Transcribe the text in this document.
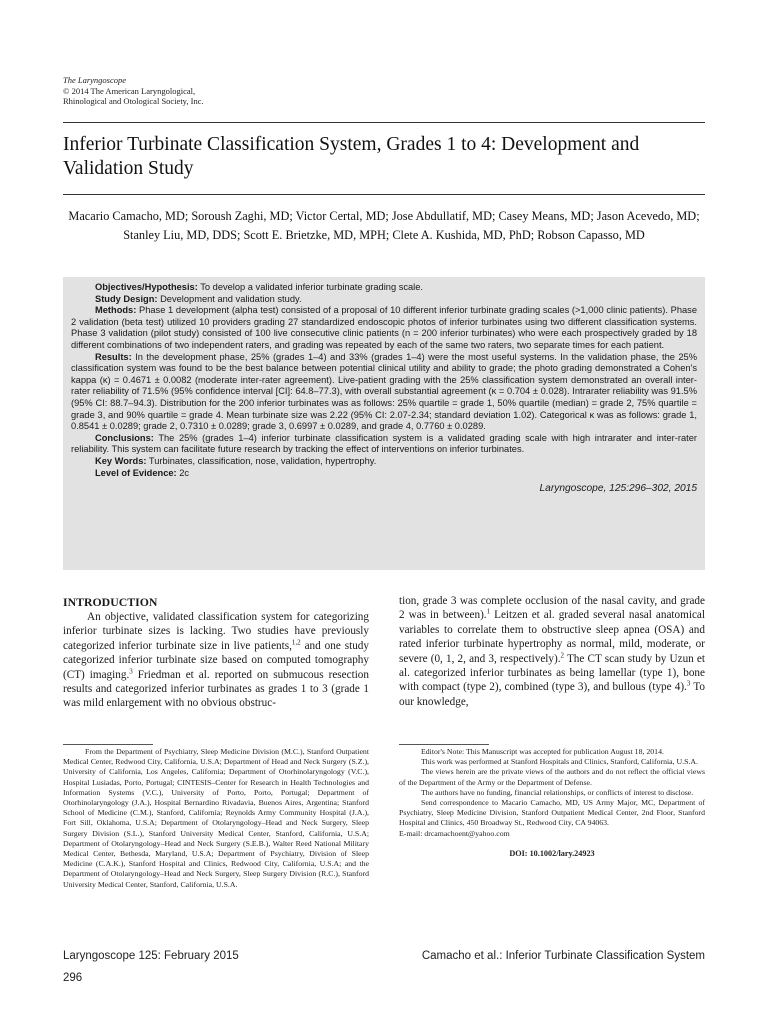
The Laryngoscope
© 2014 The American Laryngological,
Rhinological and Otological Society, Inc.
Inferior Turbinate Classification System, Grades 1 to 4: Development and Validation Study
Macario Camacho, MD; Soroush Zaghi, MD; Victor Certal, MD; Jose Abdullatif, MD; Casey Means, MD; Jason Acevedo, MD; Stanley Liu, MD, DDS; Scott E. Brietzke, MD, MPH; Clete A. Kushida, MD, PhD; Robson Capasso, MD

Objectives/Hypothesis: To develop a validated inferior turbinate grading scale.

Study Design: Development and validation study.

Methods: Phase 1 development (alpha test) consisted of a proposal of 10 different inferior turbinate grading scales (>1,000 clinic patients). Phase 2 validation (beta test) utilized 10 providers grading 27 standardized endoscopic photos of inferior turbinates using two different classification systems. Phase 3 validation (pilot study) consisted of 100 live consecutive clinic patients (n = 200 inferior turbinates) who were each prospectively graded by 18 different combinations of two independent raters, and grading was repeated by each of the same two raters, two separate times for each patient.

Results: In the development phase, 25% (grades 1–4) and 33% (grades 1–4) were the most useful systems. In the validation phase, the 25% classification system was found to be the best balance between potential clinical utility and ability to grade; the photo grading demonstrated a Cohen's kappa (κ) = 0.4671 ± 0.0082 (moderate inter-rater agreement). Live-patient grading with the 25% classification system demonstrated an overall inter-rater reliability of 71.5% (95% confidence interval [CI]: 64.8–77.3), with overall substantial agreement (κ = 0.704 ± 0.028). Intrarater reliability was 91.5% (95% CI: 88.7–94.3). Distribution for the 200 inferior turbinates was as follows: 25% quartile = grade 1, 50% quartile (median) = grade 2, 75% quartile = grade 3, and 90% quartile = grade 4. Mean turbinate size was 2.22 (95% CI: 2.07-2.34; standard deviation 1.02). Categorical κ was as follows: grade 1, 0.8541 ± 0.0289; grade 2, 0.7310 ± 0.0289; grade 3, 0.6997 ± 0.0289, and grade 4, 0.7760 ± 0.0289.

Conclusions: The 25% (grades 1–4) inferior turbinate classification system is a validated grading scale with high intrarater and inter-rater reliability. This system can facilitate future research by tracking the effect of interventions on inferior turbinates.

Key Words: Turbinates, classification, nose, validation, hypertrophy.

Level of Evidence: 2c

Laryngoscope, 125:296–302, 2015

INTRODUCTION

An objective, validated classification system for categorizing inferior turbinate sizes is lacking. Two studies have previously categorized inferior turbinate size in live patients,$^{1,2}$ and one study categorized inferior turbinate size based on computed tomography (CT) imaging.$^3$ Friedman et al. reported on submucous resection results and categorized inferior turbinates as grades 1 to 3 (grade 1 was mild enlargement with no obvious obstruc-

tion, grade 3 was complete occlusion of the nasal cavity, and grade 2 was in between).$^1$ Leitzen et al. graded several nasal anatomical variables to correlate them to obstructive sleep apnea (OSA) and rated inferior turbinate hypertrophy as normal, mild, moderate, or severe (0, 1, 2, and 3, respectively).$^2$ The CT scan study by Uzun et al. categorized inferior turbinates as being lamellar (type 1), bone with compact (type 2), combined (type 3), and bullous (type 4).$^3$ To our knowledge,

From the Department of Psychiatry, Sleep Medicine Division (M.C.), Stanford Outpatient Medical Center, Redwood City, California, U.S.A; Department of Head and Neck Surgery (S.Z.), University of California, Los Angeles, California; Department of Otorhinolaryngology (V.C.), Hospital Lusiadas, Porto, Portugal; CINTESIS–Center for Research in Health Technologies and Information Systems (V.C.), University of Porto, Porto, Portugal; Department of Otorhinolaryngology (J.A.), Hospital Bernardino Rivadavia, Buenos Aires, Argentina; Stanford School of Medicine (C.M.), Stanford, California; Reynolds Army Community Hospital (J.A.), Fort Sill, Oklahoma, U.S.A; Department of Otolaryngology–Head and Neck Surgery, Sleep Surgery Division (S.L.), Stanford University Medical Center, Stanford, California, U.S.A; Department of Otolaryngology–Head and Neck Surgery (S.E.B.), Walter Reed National Military Medical Center, Bethesda, Maryland, U.S.A; Department of Psychiatry, Division of Sleep Medicine (C.A.K.), Stanford Hospital and Clinics, Redwood City, California, U.S.A; and the Department of Otolaryngology–Head and Neck Surgery, Sleep Surgery Division (R.C.), Stanford University Medical Center, Stanford, California, U.S.A.

Editor's Note: This Manuscript was accepted for publication August 18, 2014.

This work was performed at Stanford Hospitals and Clinics, Stanford, California, U.S.A.

The views herein are the private views of the authors and do not reflect the official views of the Department of the Army or the Department of Defense.

The authors have no funding, financial relationships, or conflicts of interest to disclose.

Send correspondence to Macario Camacho, MD, US Army Major, MC, Department of Psychiatry, Sleep Medicine Division, Stanford Outpatient Medical Center, 2nd Floor, Stanford Hospital and Clinics, 450 Broadway St., Redwood City, CA 94063.

E-mail: drcamachoent@yahoo.com

DOI: 10.1002/lary.24923

Laryngoscope 125: February 2015
296
Camacho et al.: Inferior Turbinate Classification System
